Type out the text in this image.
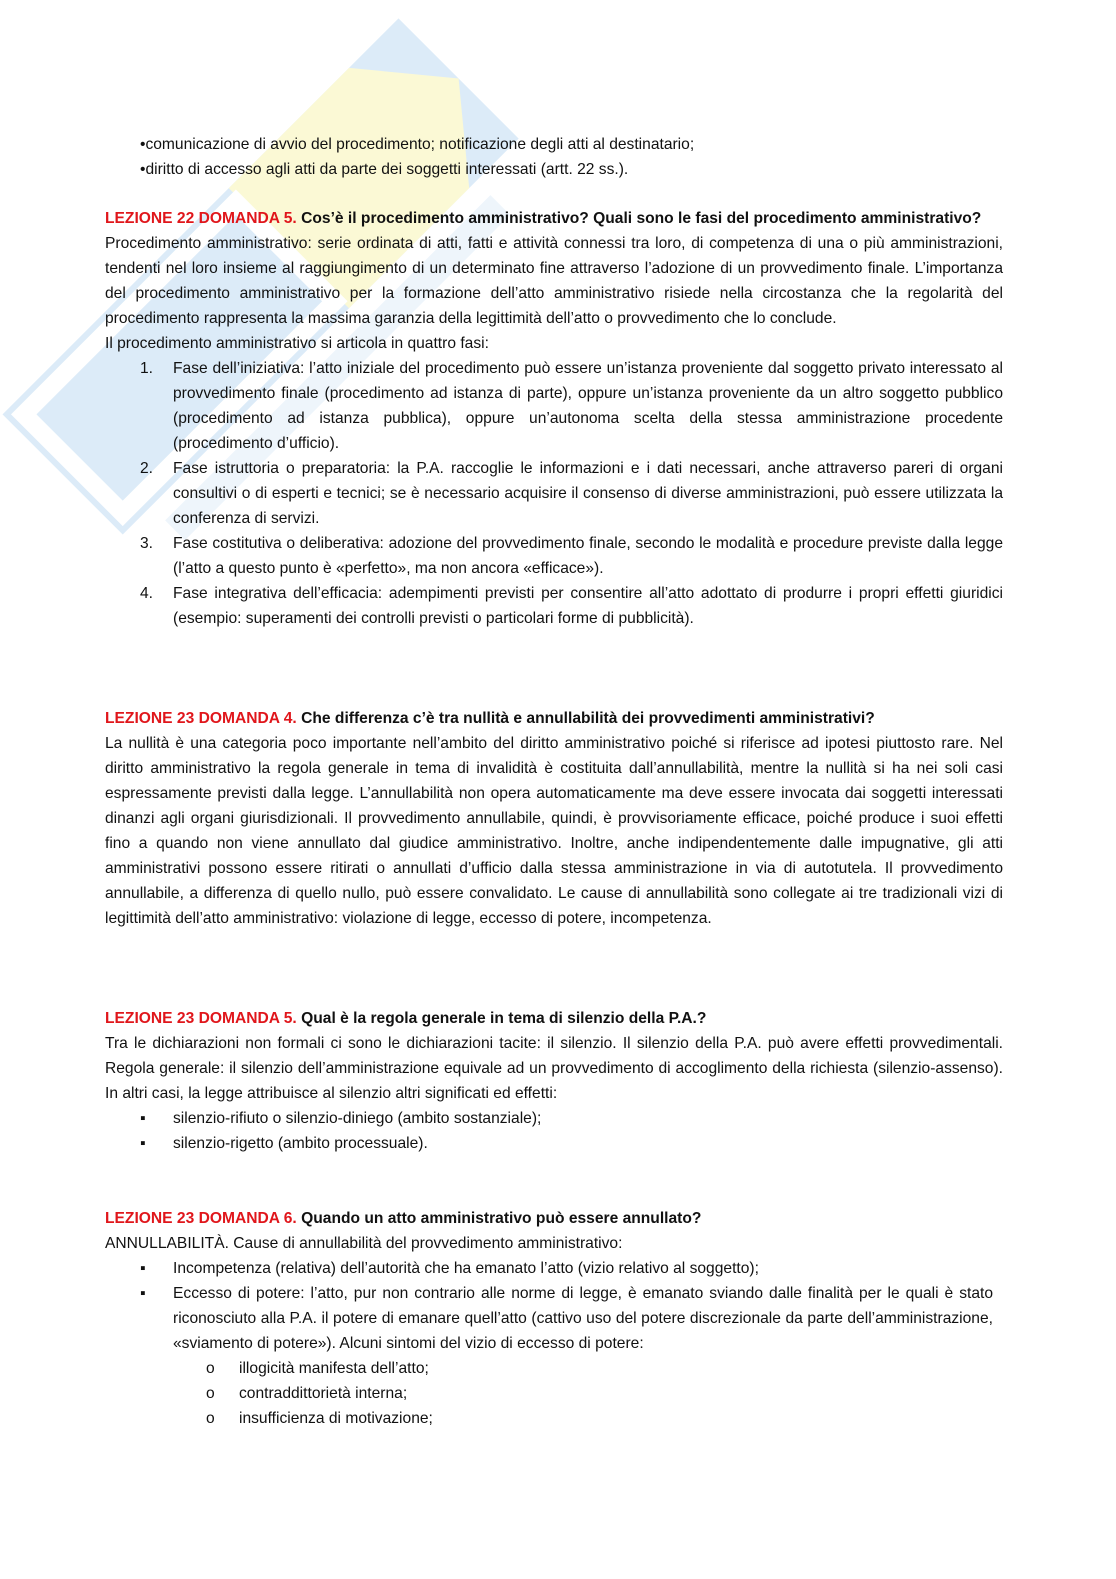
•comunicazione di avvio del procedimento; notificazione degli atti al destinatario;
•diritto di accesso agli atti da parte dei soggetti interessati (artt. 22 ss.).

LEZIONE 22 DOMANDA 5. Cos’è il procedimento amministrativo? Quali sono le fasi del procedimento amministrativo?

Procedimento amministrativo: serie ordinata di atti, fatti e attività connessi tra loro, di competenza di una o più amministrazioni, tendenti nel loro insieme al raggiungimento di un determinato fine attraverso l’adozione di un provvedimento finale. L’importanza del procedimento amministrativo per la formazione dell’atto amministrativo risiede nella circostanza che la regolarità del procedimento rappresenta la massima garanzia della legittimità dell’atto o provvedimento che lo conclude.

Il procedimento amministrativo si articola in quattro fasi:

1. Fase dell’iniziativa: l’atto iniziale del procedimento può essere un’istanza proveniente dal soggetto privato interessato al provvedimento finale (procedimento ad istanza di parte), oppure un’istanza proveniente da un altro soggetto pubblico (procedimento ad istanza pubblica), oppure un’autonoma scelta della stessa amministrazione procedente (procedimento d’ufficio).
2. Fase istruttoria o preparatoria: la P.A. raccoglie le informazioni e i dati necessari, anche attraverso pareri di organi consultivi o di esperti e tecnici; se è necessario acquisire il consenso di diverse amministrazioni, può essere utilizzata la conferenza di servizi.
3. Fase costitutiva o deliberativa: adozione del provvedimento finale, secondo le modalità e procedure previste dalla legge (l’atto a questo punto è «perfetto», ma non ancora «efficace»).
4. Fase integrativa dell’efficacia: adempimenti previsti per consentire all’atto adottato di produrre i propri effetti giuridici (esempio: superamenti dei controlli previsti o particolari forme di pubblicità).

LEZIONE 23 DOMANDA 4. Che differenza c’è tra nullità e annullabilità dei provvedimenti amministrativi?

La nullità è una categoria poco importante nell’ambito del diritto amministrativo poiché si riferisce ad ipotesi piuttosto rare. Nel diritto amministrativo la regola generale in tema di invalidità è costituita dall’annullabilità, mentre la nullità si ha nei soli casi espressamente previsti dalla legge. L’annullabilità non opera automaticamente ma deve essere invocata dai soggetti interessati dinanzi agli organi giurisdizionali. Il provvedimento annullabile, quindi, è provvisoriamente efficace, poiché produce i suoi effetti fino a quando non viene annullato dal giudice amministrativo. Inoltre, anche indipendentemente dalle impugnative, gli atti amministrativi possono essere ritirati o annullati d’ufficio dalla stessa amministrazione in via di autotutela. Il provvedimento annullabile, a differenza di quello nullo, può essere convalidato. Le cause di annullabilità sono collegate ai tre tradizionali vizi di legittimità dell’atto amministrativo: violazione di legge, eccesso di potere, incompetenza.

LEZIONE 23 DOMANDA 5. Qual è la regola generale in tema di silenzio della P.A.?

Tra le dichiarazioni non formali ci sono le dichiarazioni tacite: il silenzio. Il silenzio della P.A. può avere effetti provvedimentali. Regola generale: il silenzio dell’amministrazione equivale ad un provvedimento di accoglimento della richiesta (silenzio-assenso). In altri casi, la legge attribuisce al silenzio altri significati ed effetti:

▪ silenzio-rifiuto o silenzio-diniego (ambito sostanziale);
▪ silenzio-rigetto (ambito processuale).

LEZIONE 23 DOMANDA 6. Quando un atto amministrativo può essere annullato?

ANNULLABILITÀ. Cause di annullabilità del provvedimento amministrativo:

▪ Incompetenza (relativa) dell’autorità che ha emanato l’atto (vizio relativo al soggetto);
▪ Eccesso di potere: l’atto, pur non contrario alle norme di legge, è emanato sviando dalle finalità per le quali è stato riconosciuto alla P.A. il potere di emanare quell’atto (cattivo uso del potere discrezionale da parte dell’amministrazione, «sviamento di potere»). Alcuni sintomi del vizio di eccesso di potere:
o illogicità manifesta dell’atto;
o contraddittorietà interna;
o insufficienza di motivazione;
